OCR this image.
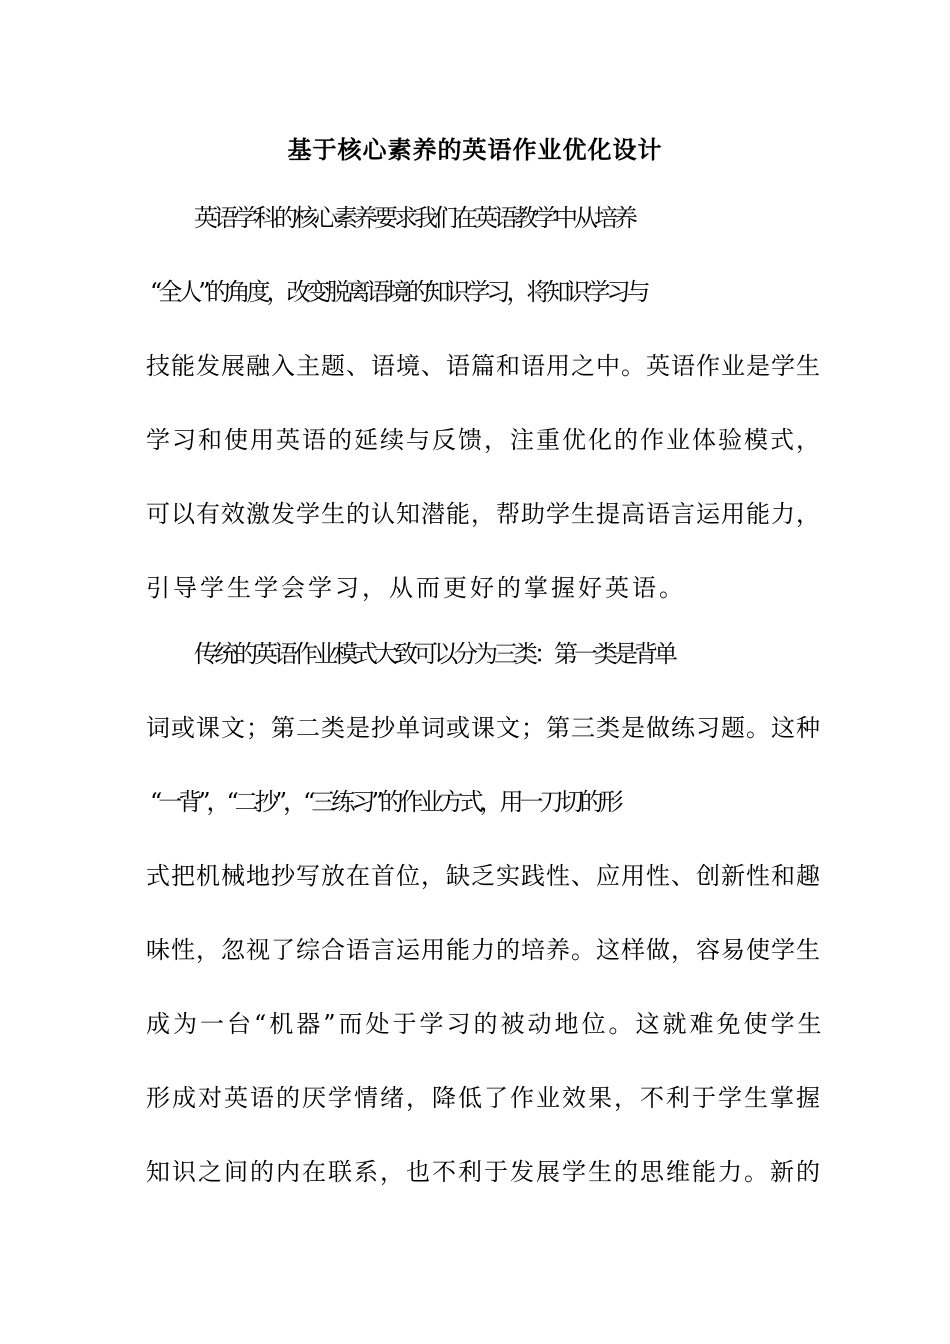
基于核心素养的英语作业优化设计
英语学科的核心素养要求我们在英语教学中从培养
“全人”的角度，改变脱离语境的知识学习，将知识学习与
技能发展融入主题、语境、语篇和语用之中。英语作业是学生
学习和使用英语的延续与反馈，注重优化的作业体验模式，
可以有效激发学生的认知潜能，帮助学生提高语言运用能力，
引导学生学会学习，从而更好的掌握好英语。
传统的英语作业模式大致可以分为三类：第一类是背单
词或课文；第二类是抄单词或课文；第三类是做练习题。这种
“一背”，“二抄”，“三练习”的作业方式，用一刀切的形
式把机械地抄写放在首位，缺乏实践性、应用性、创新性和趣
味性，忽视了综合语言运用能力的培养。这样做，容易使学生
成为一台“机器”而处于学习的被动地位。这就难免使学生
形成对英语的厌学情绪，降低了作业效果，不利于学生掌握
知识之间的内在联系，也不利于发展学生的思维能力。新的
